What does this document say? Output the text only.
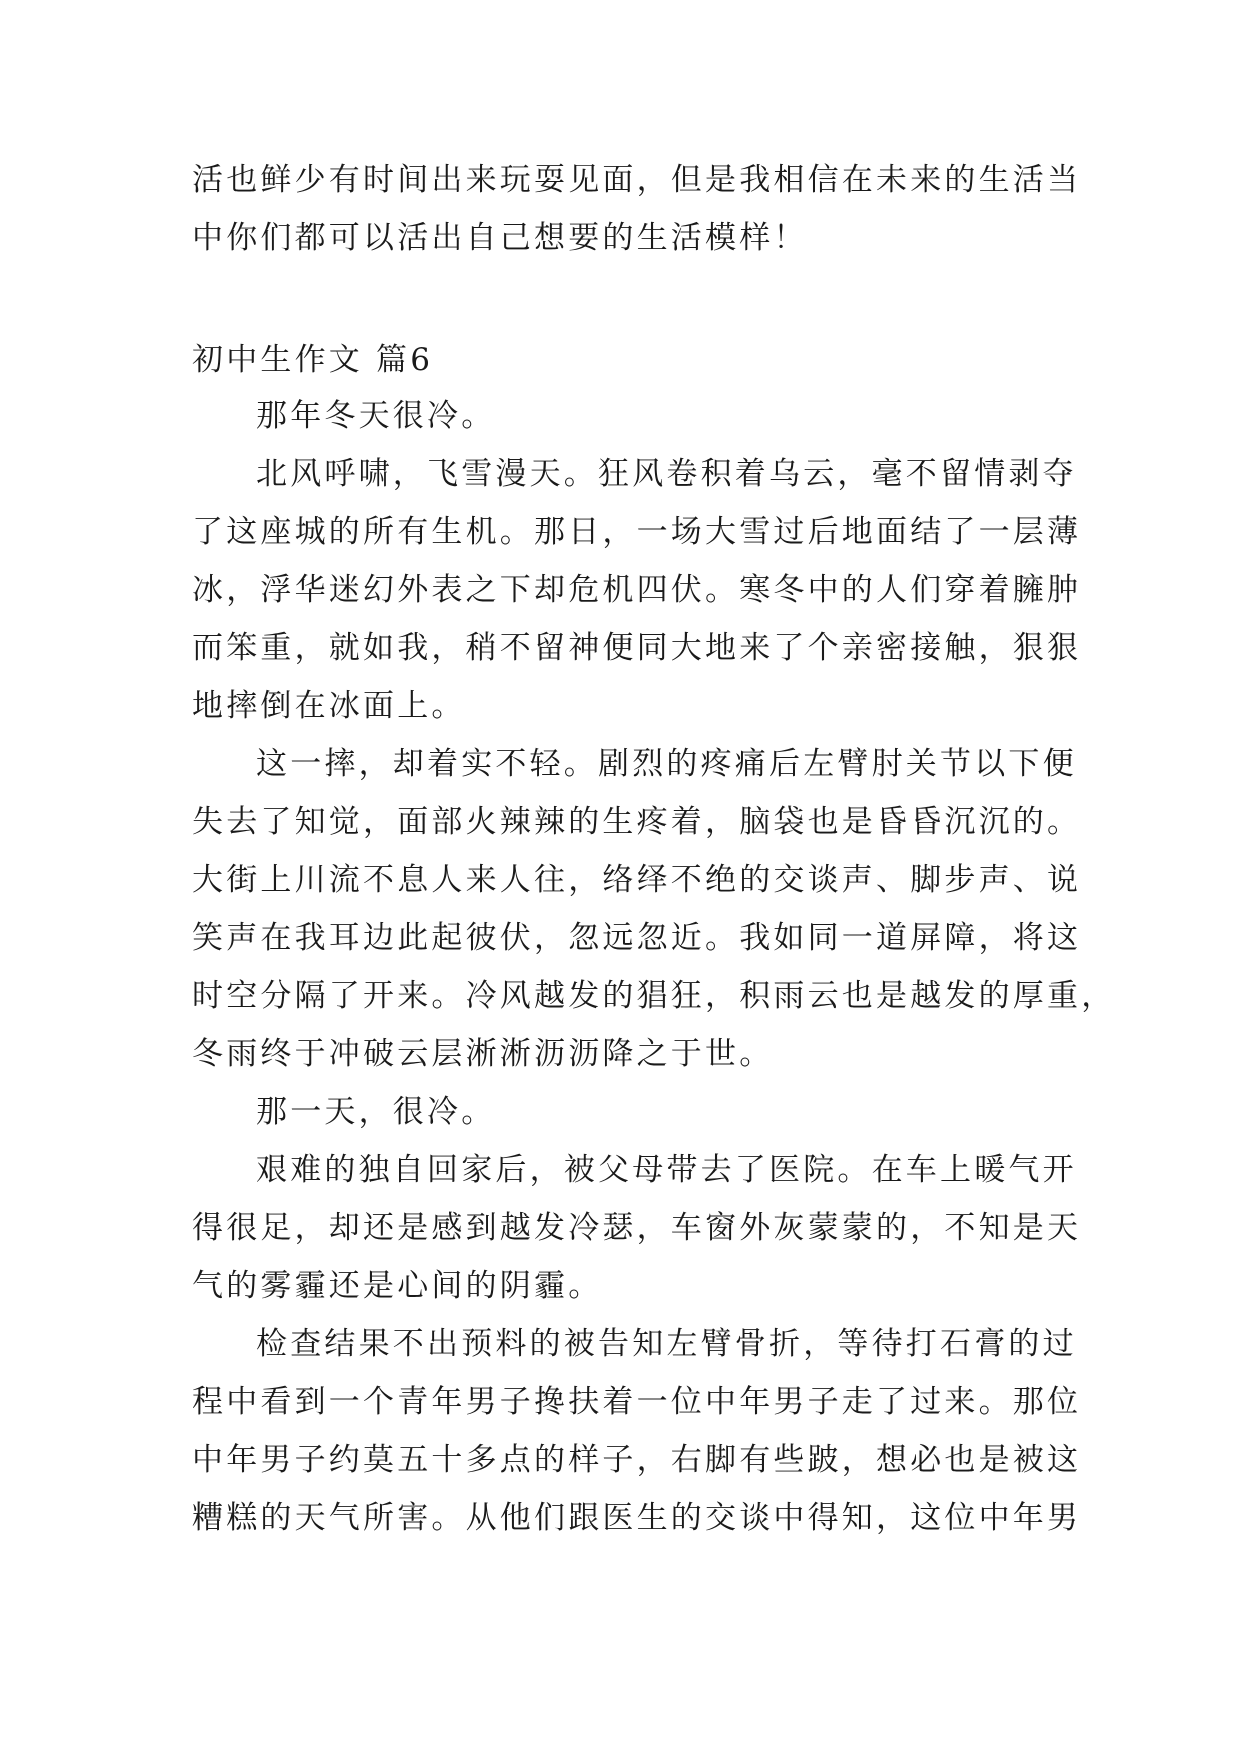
活也鲜少有时间出来玩耍见面，但是我相信在未来的生活当
中你们都可以活出自己想要的生活模样！
初中生作文 篇6
那年冬天很冷。
北风呼啸，飞雪漫天。狂风卷积着乌云，毫不留情剥夺
了这座城的所有生机。那日，一场大雪过后地面结了一层薄
冰，浮华迷幻外表之下却危机四伏。寒冬中的人们穿着臃肿
而笨重，就如我，稍不留神便同大地来了个亲密接触，狠狠
地摔倒在冰面上。
这一摔，却着实不轻。剧烈的疼痛后左臂肘关节以下便
失去了知觉，面部火辣辣的生疼着，脑袋也是昏昏沉沉的。
大街上川流不息人来人往，络绎不绝的交谈声、脚步声、说
笑声在我耳边此起彼伏，忽远忽近。我如同一道屏障，将这
时空分隔了开来。冷风越发的猖狂，积雨云也是越发的厚重，
冬雨终于冲破云层淅淅沥沥降之于世。
那一天，很冷。
艰难的独自回家后，被父母带去了医院。在车上暖气开
得很足，却还是感到越发冷瑟，车窗外灰蒙蒙的，不知是天
气的雾霾还是心间的阴霾。
检查结果不出预料的被告知左臂骨折，等待打石膏的过
程中看到一个青年男子搀扶着一位中年男子走了过来。那位
中年男子约莫五十多点的样子，右脚有些跛，想必也是被这
糟糕的天气所害。从他们跟医生的交谈中得知，这位中年男
